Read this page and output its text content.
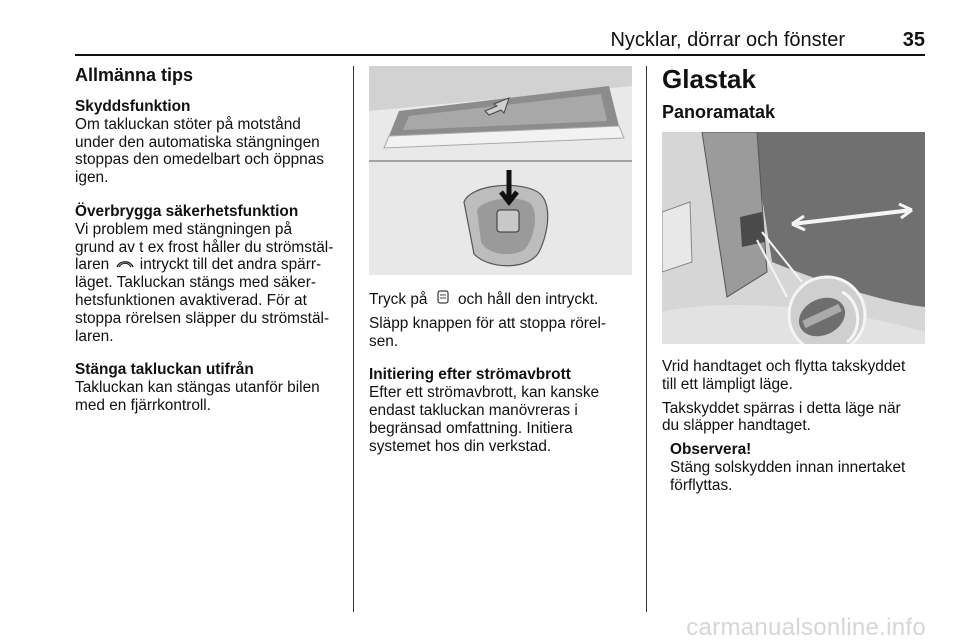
Nycklar, dörrar och fönster	35
Allmänna tips

Skyddsfunktion

Om takluckan stöter på motstånd

under den automatiska stängningen

stoppas den omedelbart och öppnas

igen.

Överbrygga säkerhetsfunktion

Vi problem med stängningen på

grund av t ex frost håller du strömstäl-

laren  intryckt till det andra spärr-

läget. Takluckan stängs med säker-

hetsfunktionen avaktiverad. För at

stoppa rörelsen släpper du strömstäl-

laren.

Stänga takluckan utifrån

Takluckan kan stängas utanför bilen

med en fjärrkontroll.

Tryck på  och håll den intryckt.

Släpp knappen för att stoppa rörel-

sen.

Initiering efter strömavbrott

Efter ett strömavbrott, kan kanske

endast takluckan manövreras i

begränsad omfattning. Initiera

systemet hos din verkstad.

Glastak
Panoramatak

Vrid handtaget och flytta takskyddet

till ett lämpligt läge.

Takskyddet spärras i detta läge när

du släpper handtaget.

Observera!

Stäng solskydden innan innertaket

förflyttas.

carmanualsonline.info
